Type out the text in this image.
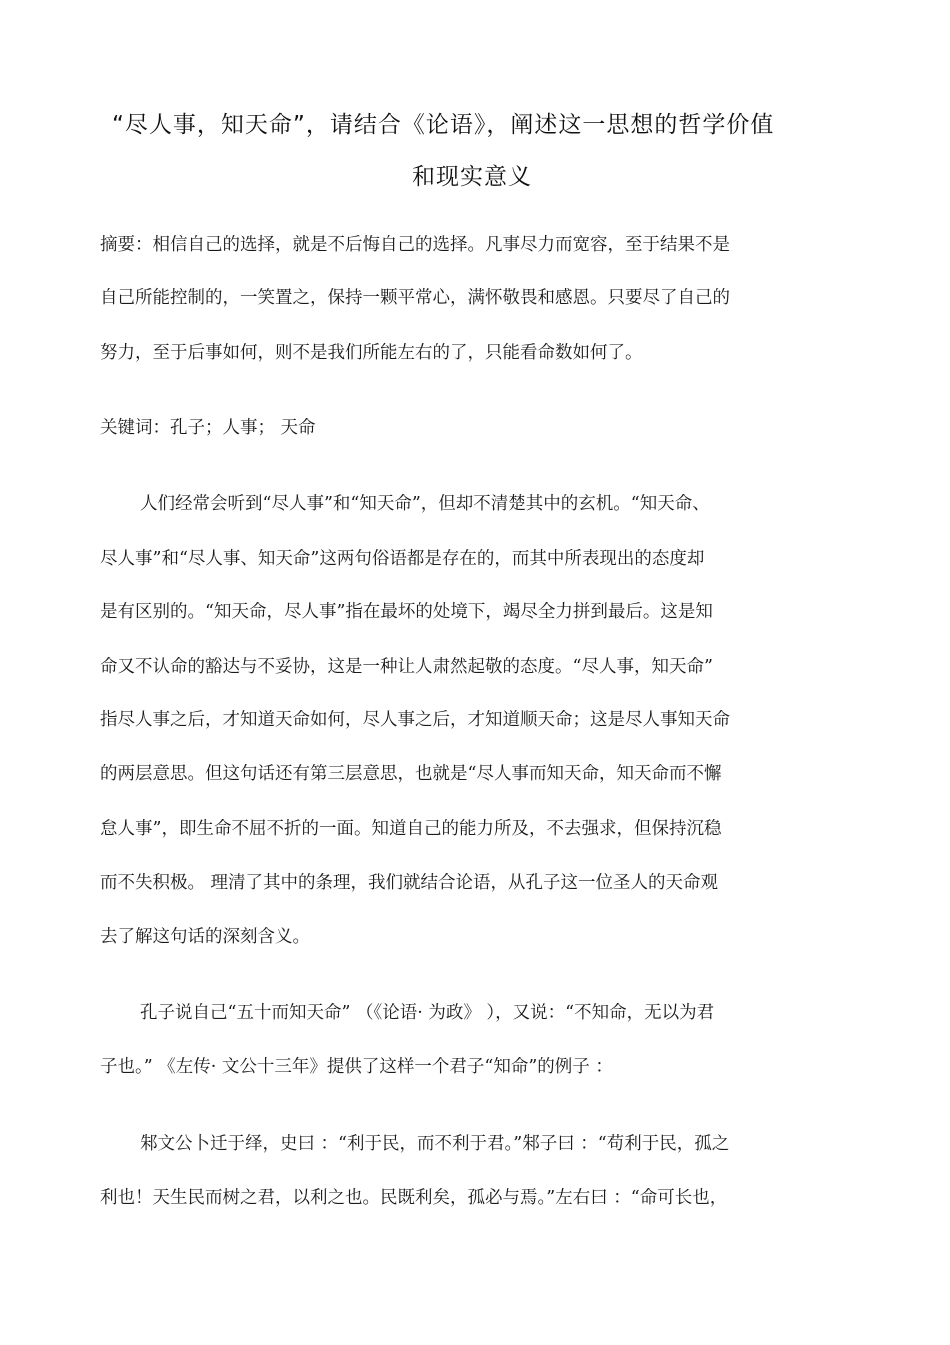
“尽人事，知天命”，请结合《论语》，阐述这一思想的哲学价值
和现实意义
摘要：相信自己的选择，就是不后悔自己的选择。凡事尽力而宽容，至于结果不是
自己所能控制的，一笑置之，保持一颗平常心，满怀敬畏和感恩。只要尽了自己的
努力，至于后事如何，则不是我们所能左右的了，只能看命数如何了。
关键词：孔子；人事； 天命
人们经常会听到“尽人事”和“知天命”，但却不清楚其中的玄机。“知天命、
尽人事”和“尽人事、知天命”这两句俗语都是存在的，而其中所表现出的态度却
是有区别的。“知天命，尽人事”指在最坏的处境下，竭尽全力拼到最后。这是知
命又不认命的豁达与不妥协，这是一种让人肃然起敬的态度。“尽人事，知天命”
指尽人事之后，才知道天命如何，尽人事之后，才知道顺天命；这是尽人事知天命
的两层意思。但这句话还有第三层意思，也就是“尽人事而知天命，知天命而不懈
怠人事”，即生命不屈不折的一面。知道自己的能力所及，不去强求，但保持沉稳
而不失积极。 理清了其中的条理，我们就结合论语，从孔子这一位圣人的天命观
去了解这句话的深刻含义。
孔子说自己“五十而知天命” （《论语· 为政》 ），又说：“不知命，无以为君
子也。” 《左传· 文公十三年》提供了这样一个君子“知命”的例子 ：
邾文公卜迁于绎，史曰 ：“利于民，而不利于君。”邾子曰 ：“苟利于民，孤之
利也！天生民而树之君，以利之也。民既利矣，孤必与焉。”左右曰 ：“命可长也，
